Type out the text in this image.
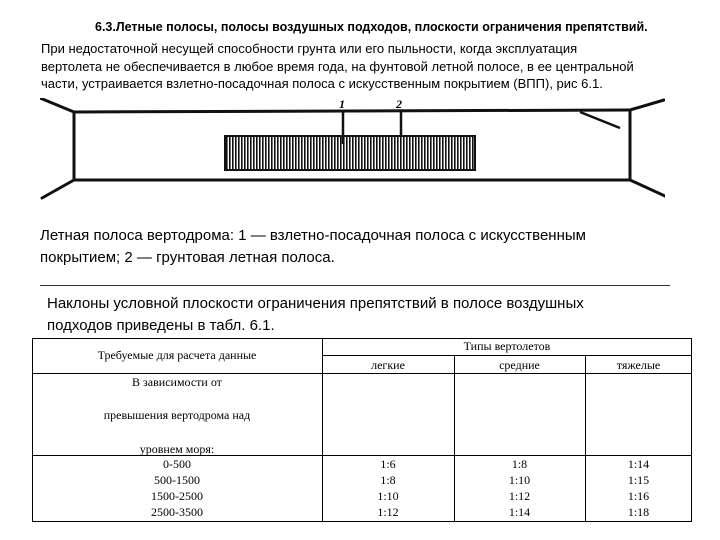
6.3.Летные полосы, полосы воздушных подходов, плоскости ограничения препятствий.
При недостаточной несущей способности грунта или его пыльности, когда эксплуатация
вертолета не обеспечивается в любое время года, на фунтовой летной полосе, в ее центральной
части, устраивается взлетно-посадочная полоса с искусственным покрытием (ВПП), рис 6.1.
1	2
Летная полоса вертодрома: 1 — взлетно-посадочная полоса с искусственным
покрытием; 2 — грунтовая летная полоса.
Наклоны условной плоскости ограничения препятствий в полосе воздушных
подходов приведены в табл. 6.1.
Требуемые для расчета данные
Типы вертолетов
легкие	средние	тяжелые
В зависимости от
превышения вертодрома над
уровнем моря:
0-500	1:6	1:8	1:14
500-1500	1:8	1:10	1:15
1500-2500	1:10	1:12	1:16
2500-3500	1:12	1:14	1:18
